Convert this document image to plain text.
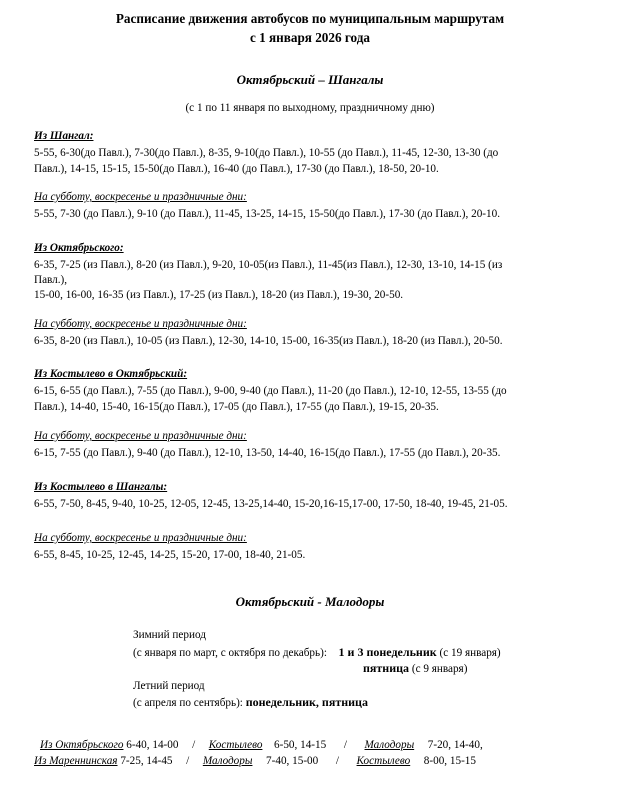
Расписание движения автобусов по муниципальным маршрутам
с 1 января 2026 года
Октябрьский – Шангалы
(с 1 по 11 января по выходному, праздничному дню)
Из Шангал:
5-55, 6-30(до Павл.), 7-30(до Павл.), 8-35, 9-10(до Павл.), 10-55 (до Павл.), 11-45, 12-30, 13-30 (до
Павл.), 14-15, 15-15, 15-50(до Павл.), 16-40 (до Павл.), 17-30 (до Павл.), 18-50, 20-10.
На субботу, воскресенье и праздничные дни:
5-55, 7-30 (до Павл.), 9-10 (до Павл.), 11-45, 13-25, 14-15, 15-50(до Павл.), 17-30 (до Павл.), 20-10.
Из Октябрьского:
6-35, 7-25 (из Павл.), 8-20 (из Павл.), 9-20, 10-05(из Павл.), 11-45(из Павл.), 12-30, 13-10, 14-15 (из
Павл.),
15-00, 16-00, 16-35 (из Павл.), 17-25 (из Павл.), 18-20 (из Павл.), 19-30, 20-50.
На субботу, воскресенье и праздничные дни:
6-35, 8-20 (из Павл.), 10-05 (из Павл.), 12-30, 14-10, 15-00, 16-35(из Павл.), 18-20 (из Павл.), 20-50.
Из Костылево в Октябрьский:
6-15, 6-55 (до Павл.), 7-55 (до Павл.), 9-00, 9-40 (до Павл.), 11-20 (до Павл.), 12-10, 12-55, 13-55 (до
Павл.), 14-40, 15-40, 16-15(до Павл.), 17-05 (до Павл.), 17-55 (до Павл.), 19-15, 20-35.
На субботу, воскресенье и праздничные дни:
6-15, 7-55 (до Павл.), 9-40 (до Павл.), 12-10, 13-50, 14-40, 16-15(до Павл.), 17-55 (до Павл.), 20-35.
Из Костылево в Шангалы:
6-55, 7-50, 8-45, 9-40, 10-25, 12-05, 12-45, 13-25,14-40, 15-20,16-15,17-00, 17-50, 18-40, 19-45, 21-05.
На субботу, воскресенье и праздничные дни:
6-55, 8-45, 10-25, 12-45, 14-25, 15-20, 17-00, 18-40, 21-05.
Октябрьский - Малодоры
Зимний период
(с января по март, с октября по декабрь): 1 и 3 понедельник (с 19 января)
пятница (с 9 января)
Летний период
(с апреля по сентябрь): понедельник, пятница
Из Октябрьского 6-40, 14-00 / Костылево 6-50, 14-15 / Малодоры 7-20, 14-40,
Из Мареннинская 7-25, 14-45 / Малодоры 7-40, 15-00 / Костылево 8-00, 15-15
